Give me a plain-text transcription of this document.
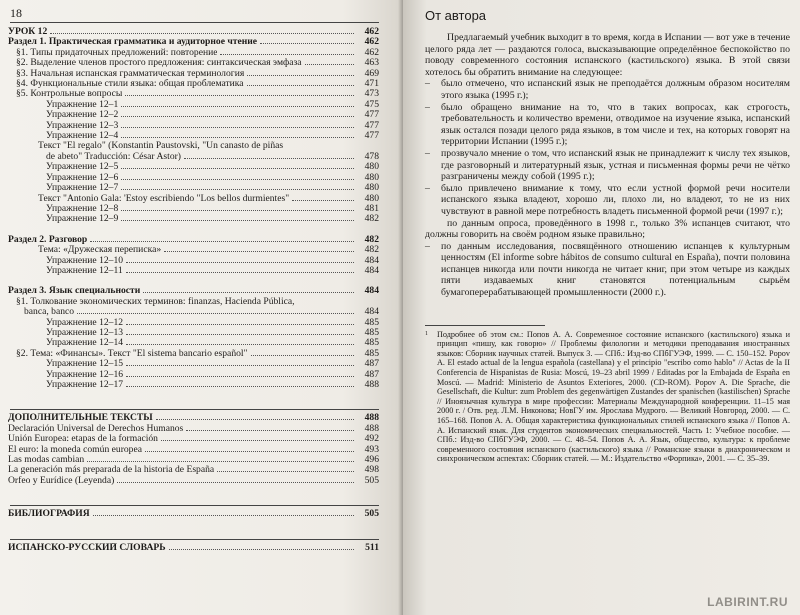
18
УРОК 12	462
Раздел 1. Практическая грамматика и аудиторное чтение	462
§1. Типы придаточных предложений: повторение	462
§2. Выделение членов простого предложения: синтаксическая эмфаза	463
§3. Начальная испанская грамматическая терминология	469
§4. Функциональные стили языка: общая проблематика	471
§5. Контрольные вопросы	473
Упражнение 12–1	475
Упражнение 12–2	477
Упражнение 12–3	477
Упражнение 12–4	477
Текст "El regalo" (Konstantin Paustovski, "Un canasto de piñas
de abeto" Traducción: César Astor)	478
Упражнение 12–5	480
Упражнение 12–6	480
Упражнение 12–7	480
Текст "Antonio Gala: 'Estoy escribiendo "Los bellos durmientes"	480
Упражнение 12–8	481
Упражнение 12–9	482
Раздел 2. Разговор	482
Тема: «Дружеская переписка»	482
Упражнение 12–10	484
Упражнение 12–11	484
Раздел 3. Язык специальности	484
§1. Толкование экономических терминов: finanzas, Hacienda Pública,
banca, banco	484
Упражнение 12–12	485
Упражнение 12–13	485
Упражнение 12–14	485
§2. Тема: «Финансы». Текст "El sistema bancario español"	485
Упражнение 12–15	487
Упражнение 12–16	487
Упражнение 12–17	488
ДОПОЛНИТЕЛЬНЫЕ ТЕКСТЫ	488
Declaración Universal de Derechos Humanos	488
Unión Europea: etapas de la formación	492
El euro: la moneda común europea	493
Las modas cambian	496
La generación más preparada de la historia de España	498
Orfeo y Eurídice (Leyenda)	505
БИБЛИОГРАФИЯ	505
ИСПАНСКО-РУССКИЙ СЛОВАРЬ	511
От автора

Предлагаемый учебник выходит в то время, когда в Испании — вот уже в течение целого ряда лет — раздаются голоса, высказывающие определённое беспокойство по поводу современного состояния испанского (кастильского) языка. В этой связи хотелось бы обратить внимание на следующее:

–	было отмечено, что испанский язык не преподаётся должным образом носителям этого языка (1995 г.);
–	было обращено внимание на то, что в таких вопросах, как строгость, требовательность и количество времени, отводимое на изучение языка, испанский язык остался позади целого ряда языков, в том числе и тех, на которых говорят на территории Испании (1995 г.);
–	прозвучало мнение о том, что испанский язык не принадлежит к числу тех языков, где разговорный и литературный язык, устная и письменная формы речи не чётко разграничены между собой (1995 г.);
–	было привлечено внимание к тому, что если устной формой речи носители испанского языка владеют, хорошо ли, плохо ли, но владеют, то не из них чувствуют в равной мере потребность владеть письменной формой речи (1997 г.);

по данным опроса, проведённого в 1998 г., только 3% испанцев считают, что должны говорить на своём родном языке правильно;

–	по данным исследования, посвящённого отношению испанцев к культурным ценностям (El informe sobre hábitos de consumo cultural en España), почти половина испанцев никогда или почти никогда не читает книг, при этом четыре из каждых пяти издаваемых книг становятся потенциальным сырьём бумагоперерабатывающей промышленности (2000 г.).
1	Подробнее об этом см.: Попов А. А. Современное состояние испанского (кастильского) языка и принцип «пишу, как говорю» // Проблемы филологии и методики преподавания иностранных языков: Сборник научных статей. Выпуск 3. — СПб.: Изд-во СПбГУЭФ, 1999. — С. 150–152. Popov A. El estado actual de la lengua española (castellana) y el principio "escribo como hablo" // Actas de la II Conferencia de Hispanistas de Rusia: Moscú, 19–23 abril 1999 / Editadas por la Embajada de España en Moscú. — Madrid: Ministerio de Asuntos Exteriores, 2000. (CD-ROM). Popov A. Die Sprache, die Gesellschaft, die Kultur: zum Problem des gegenwärtigen Zustandes der spanischen (kastilischen) Sprache // Иноязычная культура в мире профессии: Материалы Международной конференции. 11–15 мая 2000 г. / Отв. ред. Л.М. Никонова; НовГУ им. Ярослава Мудрого. — Великий Новгород, 2000. — С. 165–168. Попов А. А. Общая характеристика функциональных стилей испанского языка // Попов А. А. Испанский язык. Для студентов экономических специальностей. Часть 1: Учебное пособие. — СПб.: Изд-во СПбГУЭФ, 2000. — С. 48–54. Попов А. А. Язык, общество, культура: к проблеме современного состояния испанского (кастильского) языка // Романские языки в диахроническом и синхроническом аспектах: Сборник статей. — М.: Издательство «Форпика», 2001. — С. 35–39.
LABIRINT.RU
